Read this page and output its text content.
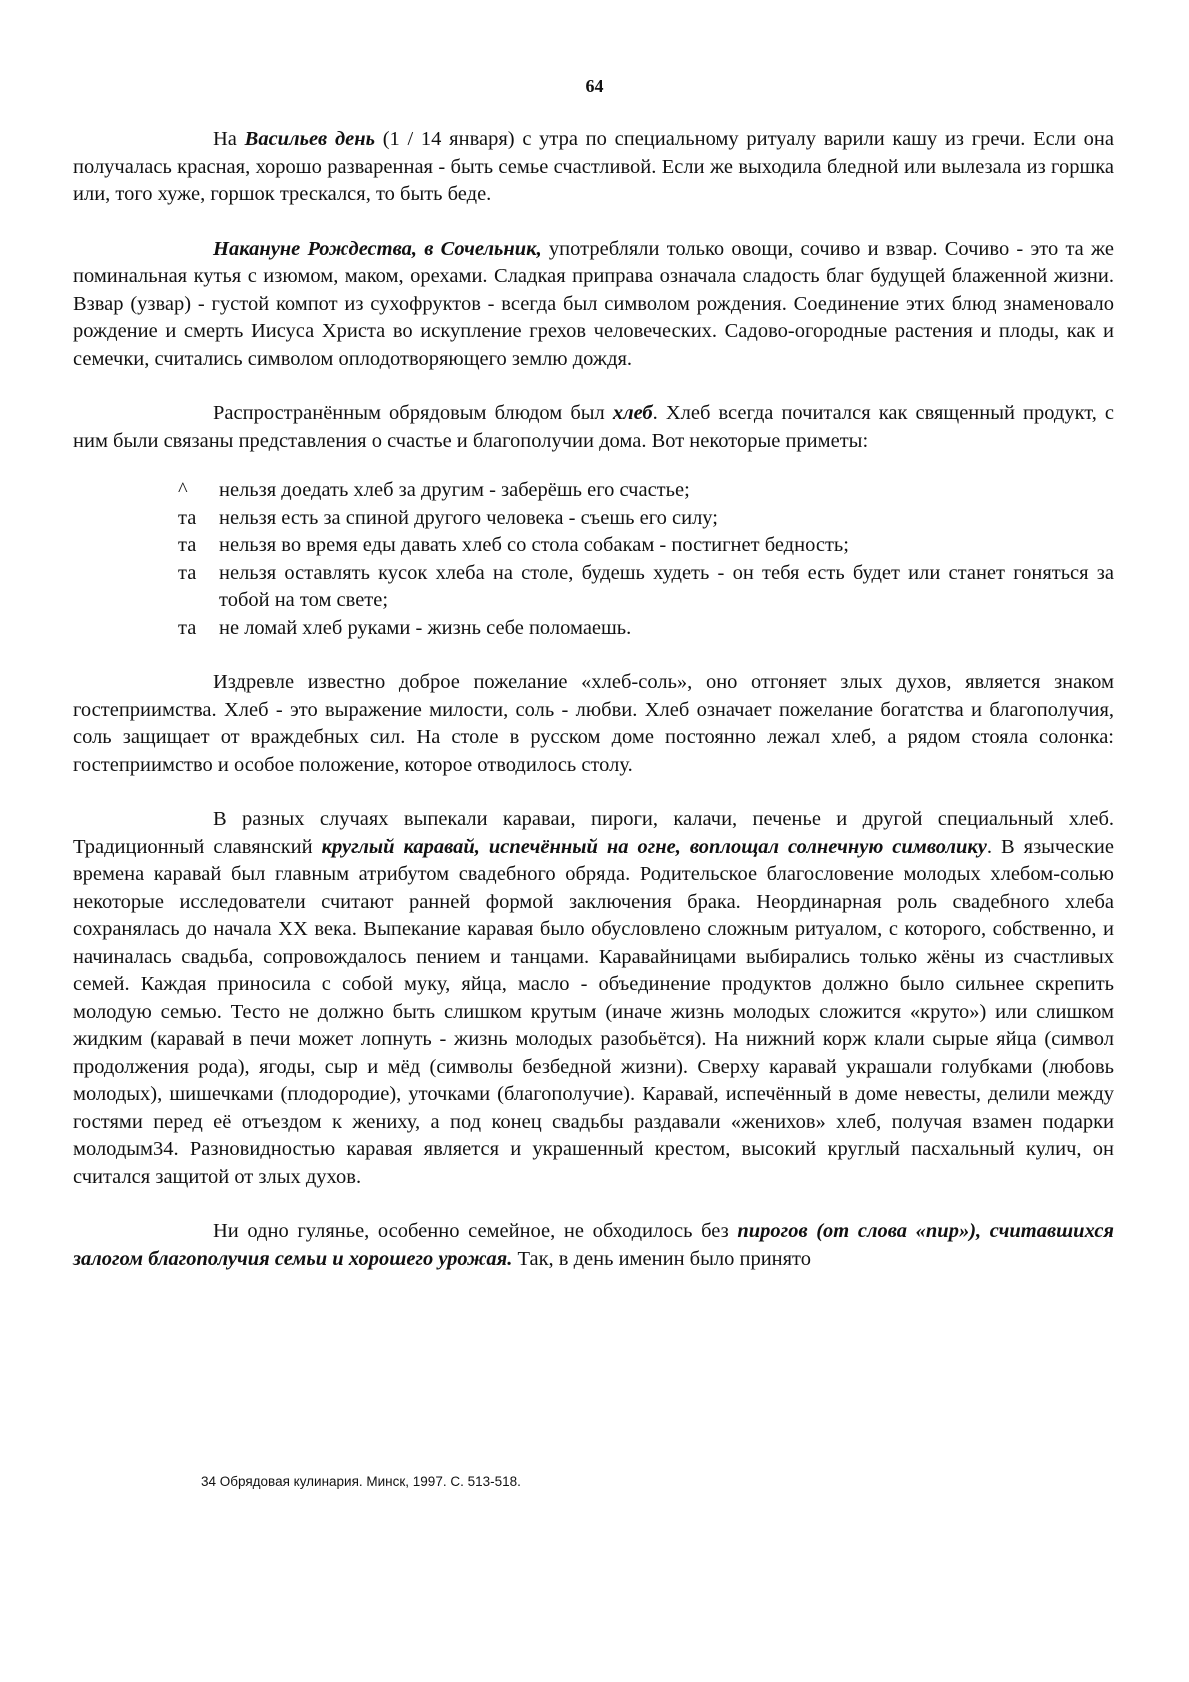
64

На Васильев день (1 / 14 января) с утра по специальному ритуалу варили кашу из гречи. Если она получалась красная, хорошо разваренная - быть семье счастливой. Если же выходила бледной или вылезала из горшка или, того хуже, горшок трескался, то быть беде.

Накануне Рождества, в Сочельник, употребляли только овощи, сочиво и взвар. Сочиво - это та же поминальная кутья с изюмом, маком, орехами. Сладкая приправа означала сладость благ будущей блаженной жизни. Взвар (узвар) - густой компот из сухофруктов - всегда был символом рождения. Соединение этих блюд знаменовало рождение и смерть Иисуса Христа во искупление грехов человеческих. Садово-огородные растения и плоды, как и семечки, считались символом оплодотворяющего землю дождя.

Распространённым обрядовым блюдом был хлеб. Хлеб всегда почитался как священный продукт, с ним были связаны представления о счастье и благополучии дома. Вот некоторые приметы:

^	нельзя доедать хлеб за другим - заберёшь его счастье;
та	нельзя есть за спиной другого человека - съешь его силу;
та	нельзя во время еды давать хлеб со стола собакам - постигнет бедность;
та	нельзя оставлять кусок хлеба на столе, будешь худеть - он тебя есть будет или станет гоняться за тобой на том свете;
та	не ломай хлеб руками - жизнь себе поломаешь.

Издревле известно доброе пожелание «хлеб-соль», оно отгоняет злых духов, является знаком гостеприимства. Хлеб - это выражение милости, соль - любви. Хлеб означает пожелание богатства и благополучия, соль защищает от враждебных сил. На столе в русском доме постоянно лежал хлеб, а рядом стояла солонка: гостеприимство и особое положение, которое отводилось столу.

В разных случаях выпекали караваи, пироги, калачи, печенье и другой специальный хлеб. Традиционный славянский круглый каравай, испечённый на огне, воплощал солнечную символику. В языческие времена каравай был главным атрибутом свадебного обряда. Родительское благословение молодых хлебом-солью некоторые исследователи считают ранней формой заключения брака. Неординарная роль свадебного хлеба сохранялась до начала XX века. Выпекание каравая было обусловлено сложным ритуалом, с которого, собственно, и начиналась свадьба, сопровождалось пением и танцами. Каравайницами выбирались только жёны из счастливых семей. Каждая приносила с собой муку, яйца, масло - объединение продуктов должно было сильнее скрепить молодую семью. Тесто не должно быть слишком крутым (иначе жизнь молодых сложится «круто») или слишком жидким (каравай в печи может лопнуть - жизнь молодых разобьётся). На нижний корж клали сырые яйца (символ продолжения рода), ягоды, сыр и мёд (символы безбедной жизни). Сверху каравай украшали голубками (любовь молодых), шишечками (плодородие), уточками (благополучие). Каравай, испечённый в доме невесты, делили между гостями перед её отъездом к жениху, а под конец свадьбы раздавали «женихов» хлеб, получая взамен подарки молодым34. Разновидностью каравая является и украшенный крестом, высокий круглый пасхальный кулич, он считался защитой от злых духов.

Ни одно гулянье, особенно семейное, не обходилось без пирогов (от слова «пир»), считавшихся залогом благополучия семьи и хорошего урожая. Так, в день именин было принято

34 Обрядовая кулинария. Минск, 1997. С. 513-518.
